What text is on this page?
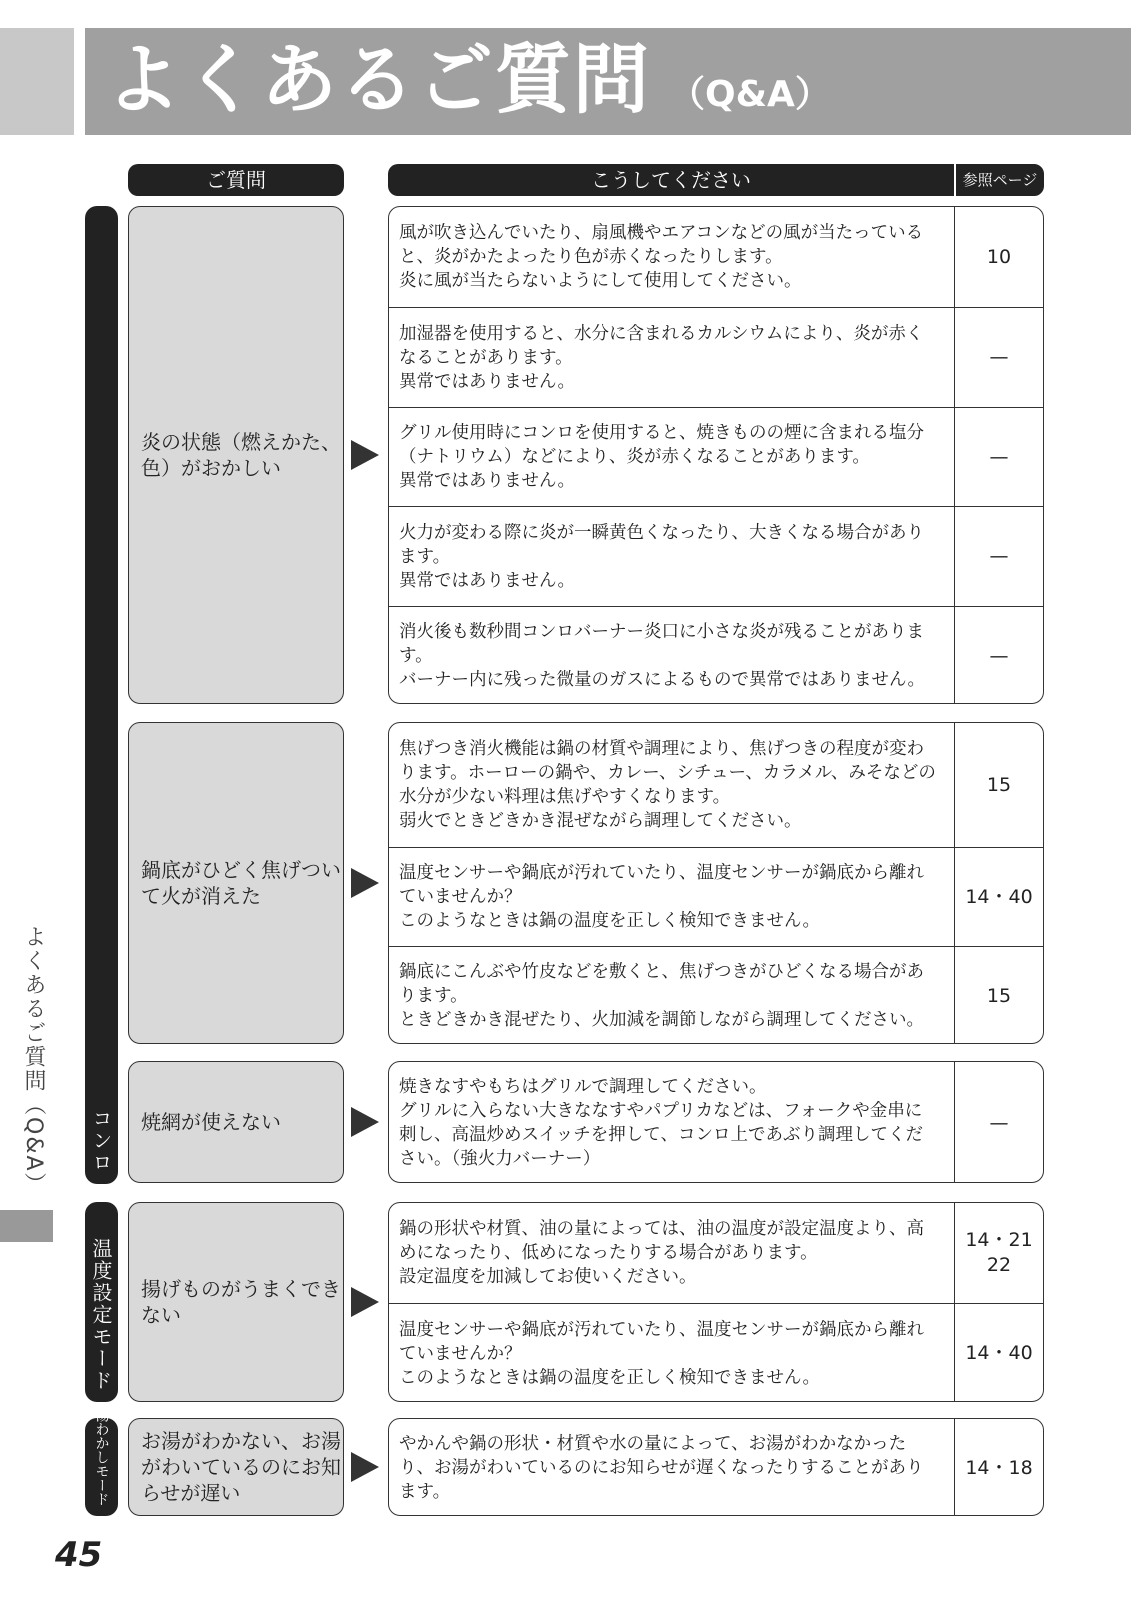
よくあるご質問 （Q&A）
ご質問	こうしてください	参照ページ
コンロ
温度設定モード
湯わかしモード
炎の状態（燃えかた、色）がおかしい
風が吹き込んでいたり、扇風機やエアコンなどの風が当たっていると、炎がかたよったり色が赤くなったりします。
炎に風が当たらないようにして使用してください。
10
加湿器を使用すると、水分に含まれるカルシウムにより、炎が赤くなることがあります。
異常ではありません。
—
グリル使用時にコンロを使用すると、焼きものの煙に含まれる塩分（ナトリウム）などにより、炎が赤くなることがあります。
異常ではありません。
—
火力が変わる際に炎が一瞬黄色くなったり、大きくなる場合があります。
異常ではありません。
—
消火後も数秒間コンロバーナー炎口に小さな炎が残ることがあります。
バーナー内に残った微量のガスによるもので異常ではありません。
—
鍋底がひどく焦げついて火が消えた
焦げつき消火機能は鍋の材質や調理により、焦げつきの程度が変わります。ホーローの鍋や、カレー、シチュー、カラメル、みそなどの水分が少ない料理は焦げやすくなります。
弱火でときどきかき混ぜながら調理してください。
15
温度センサーや鍋底が汚れていたり、温度センサーが鍋底から離れていませんか？
このようなときは鍋の温度を正しく検知できません。
14・40
鍋底にこんぶや竹皮などを敷くと、焦げつきがひどくなる場合があります。
ときどきかき混ぜたり、火加減を調節しながら調理してください。
15
焼網が使えない
焼きなすやもちはグリルで調理してください。
グリルに入らない大きななすやパプリカなどは、フォークや金串に刺し、高温炒めスイッチを押して、コンロ上であぶり調理してください。（強火力バーナー）
—
揚げものがうまくできない
鍋の形状や材質、油の量によっては、油の温度が設定温度より、高めになったり、低めになったりする場合があります。
設定温度を加減してお使いください。
14・21
22
温度センサーや鍋底が汚れていたり、温度センサーが鍋底から離れていませんか？
このようなときは鍋の温度を正しく検知できません。
14・40
お湯がわかない、お湯がわいているのにお知らせが遅い
やかんや鍋の形状・材質や水の量によって、お湯がわかなかったり、お湯がわいているのにお知らせが遅くなったりすることがあります。
14・18
よくあるご質問（Q&A）
45
